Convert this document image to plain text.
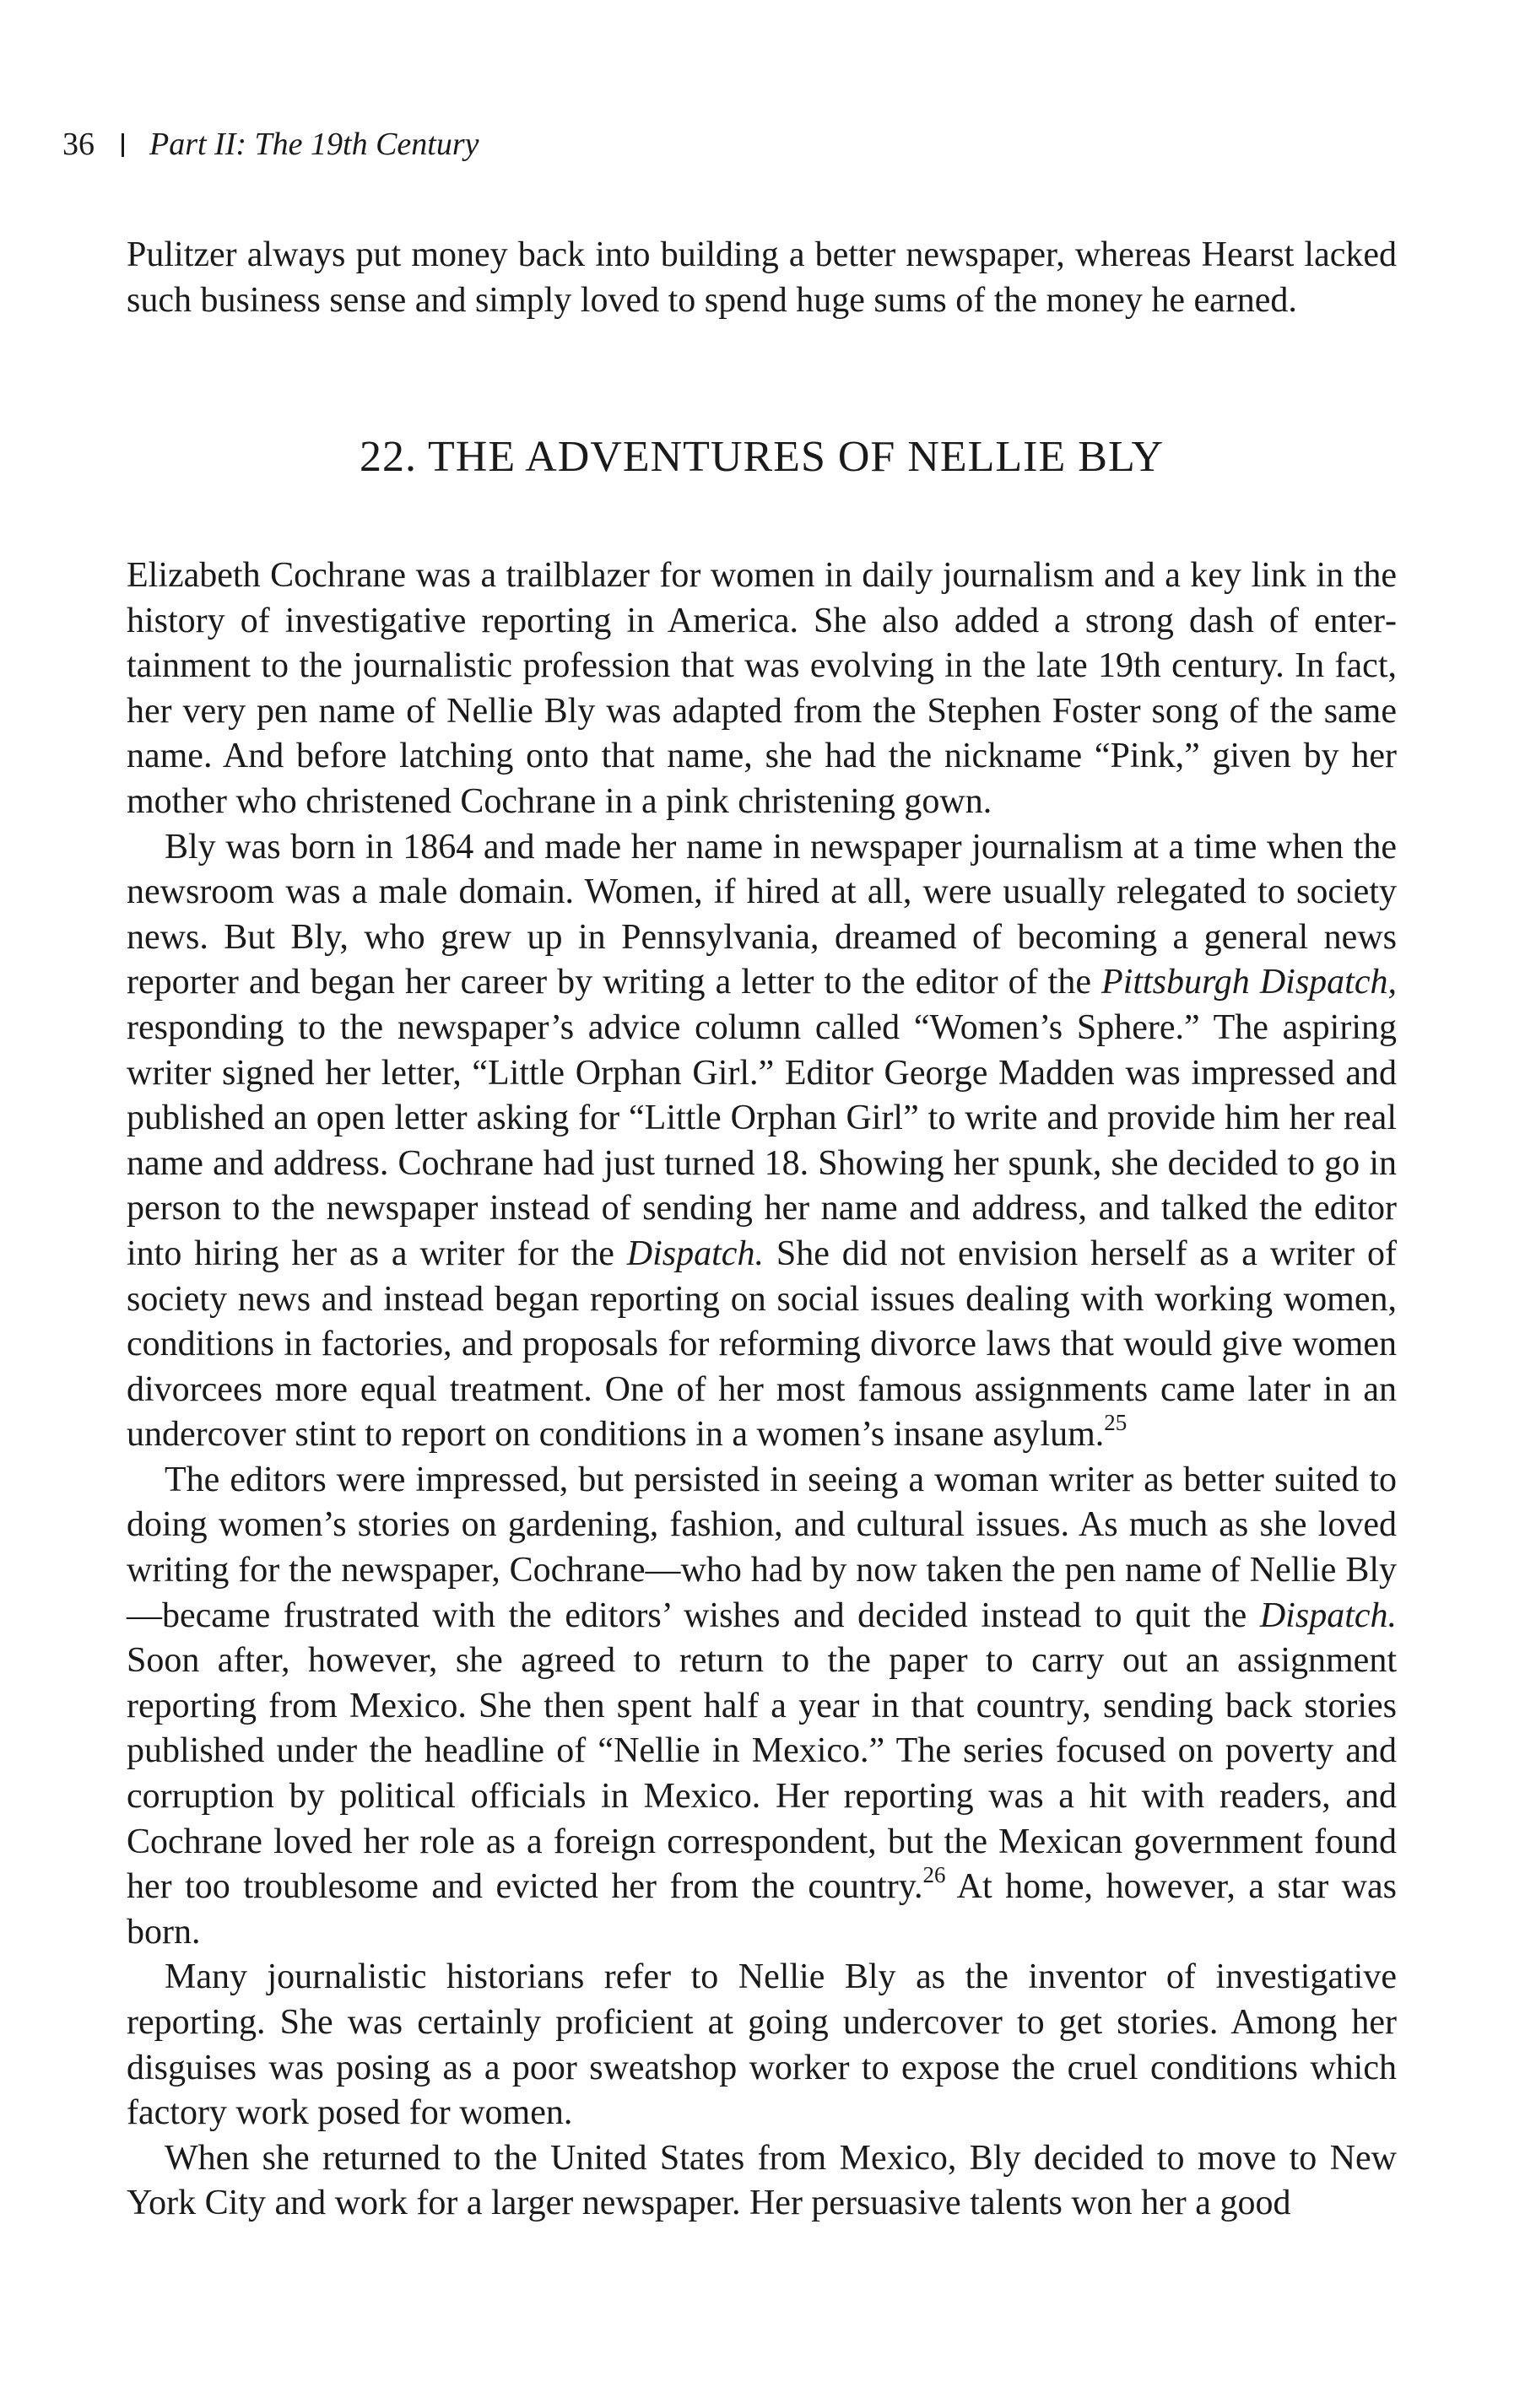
36 Part II: The 19th Century

Pulitzer always put money back into building a better newspaper, whereas Hearst lacked such business sense and simply loved to spend huge sums of the money he earned.

22. THE ADVENTURES OF NELLIE BLY

Elizabeth Cochrane was a trailblazer for women in daily journalism and a key link in the history of investigative reporting in America. She also added a strong dash of entertainment to the journalistic profession that was evolving in the late 19th century. In fact, her very pen name of Nellie Bly was adapted from the Stephen Foster song of the same name. And before latching onto that name, she had the nickname “Pink,” given by her mother who christened Cochrane in a pink christening gown.

Bly was born in 1864 and made her name in newspaper journalism at a time when the newsroom was a male domain. Women, if hired at all, were usually relegated to society news. But Bly, who grew up in Pennsylvania, dreamed of becoming a general news reporter and began her career by writing a letter to the editor of the Pittsburgh Dispatch, responding to the newspaper’s advice column called “Women’s Sphere.” The aspiring writer signed her letter, “Little Orphan Girl.” Editor George Madden was impressed and published an open letter asking for “Little Orphan Girl” to write and provide him her real name and address. Cochrane had just turned 18. Showing her spunk, she decided to go in person to the newspaper instead of sending her name and address, and talked the editor into hiring her as a writer for the Dispatch. She did not envision herself as a writer of society news and instead began reporting on social issues dealing with working women, conditions in factories, and proposals for reforming divorce laws that would give women divorcees more equal treatment. One of her most famous assignments came later in an undercover stint to report on conditions in a women’s insane asylum.$^{25}$

The editors were impressed, but persisted in seeing a woman writer as better suited to doing women’s stories on gardening, fashion, and cultural issues. As much as she loved writing for the newspaper, Cochrane—who had by now taken the pen name of Nellie Bly—became frustrated with the editors’ wishes and decided instead to quit the Dispatch. Soon after, however, she agreed to return to the paper to carry out an assignment reporting from Mexico. She then spent half a year in that country, sending back stories published under the headline of “Nellie in Mexico.” The series focused on poverty and corruption by political officials in Mexico. Her reporting was a hit with readers, and Cochrane loved her role as a foreign correspondent, but the Mexican government found her too troublesome and evicted her from the country.$^{26}$ At home, however, a star was born.

Many journalistic historians refer to Nellie Bly as the inventor of investigative reporting. She was certainly proficient at going undercover to get stories. Among her disguises was posing as a poor sweatshop worker to expose the cruel conditions which factory work posed for women.

When she returned to the United States from Mexico, Bly decided to move to New York City and work for a larger newspaper. Her persuasive talents won her a good
